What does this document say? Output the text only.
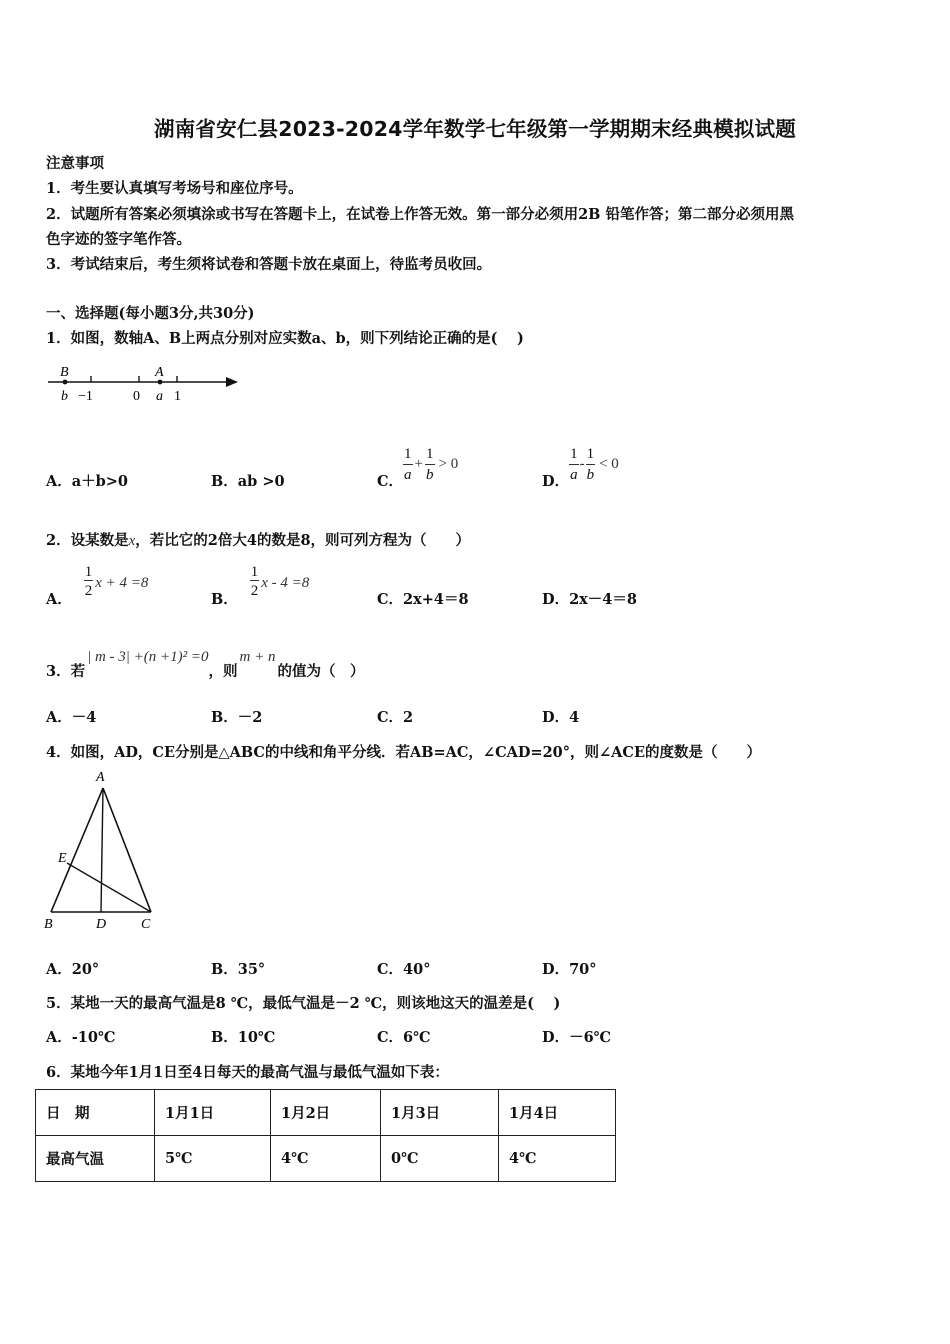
湖南省安仁县2023-2024学年数学七年级第一学期期末经典模拟试题
注意事项
1．考生要认真填写考场号和座位序号。
2．试题所有答案必须填涂或书写在答题卡上，在试卷上作答无效。第一部分必须用2B 铅笔作答；第二部分必须用黑
色字迹的签字笔作答。
3．考试结束后，考生须将试卷和答题卡放在桌面上，待监考员收回。
一、选择题(每小题3分,共30分)
1．如图，数轴A、B上两点分别对应实数a、b，则下列结论正确的是(　 )
B	A
b −1	0 a 1
A．a＋b>0	B．ab >0	C． $\frac{1}{a} + \frac{1}{b} > 0$
D． $\frac{1}{a} - \frac{1}{b} < 0$
2．设某数是x，若比它的2倍大4的数是8，则可列方程为（　　）
A．
$\frac{1}{2}$ x + 4 =8
B．
$\frac{1}{2}$ x - 4 =8
C．2x+4＝8	D．2x－4＝8
3．若| m - 3| +(n +1)² =0，则m + n的值为（　）
A．－4	B．－2	C．2	D．4
4．如图，AD，CE分别是△ABC的中线和角平分线．若AB=AC，∠CAD=20°，则∠ACE的度数是（　　）
A
E
B	D C
A．20°	B．35°	C．40°	D．70°
5．某地一天的最高气温是8 ℃，最低气温是－2 ℃，则该地这天的温差是(　 )
A．-10℃	B．10℃	C．6℃	D．－6℃
6．某地今年1月1日至4日每天的最高气温与最低气温如下表：
日　期	1月1日	1月2日	1月3日	1月4日
最高气温	5℃	4℃	0℃	4℃
